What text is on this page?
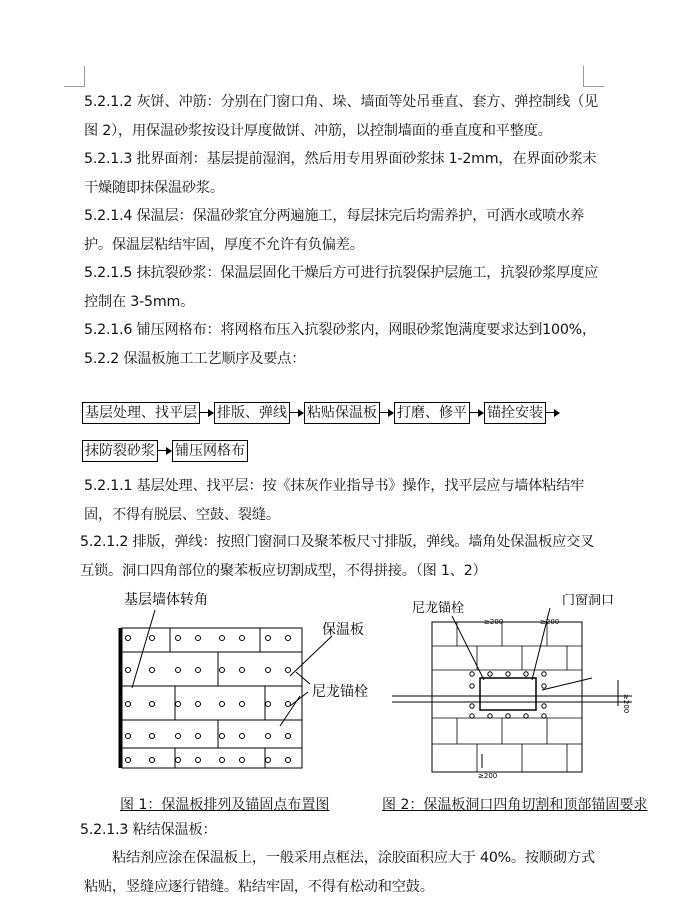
5.2.1.2 灰饼、冲筋：分别在门窗口角、垛、墙面等处吊垂直、套方、弹控制线（见图 2），用保温砂浆按设计厚度做饼、冲筋，以控制墙面的垂直度和平整度。

5.2.1.3 批界面剂：基层提前湿润，然后用专用界面砂浆抹 1-2mm，在界面砂浆未干燥随即抹保温砂浆。

5.2.1.4 保温层：保温砂浆宜分两遍施工，每层抹完后均需养护，可洒水或喷水养护。保温层粘结牢固，厚度不允许有负偏差。

5.2.1.5 抹抗裂砂浆：保温层固化干燥后方可进行抗裂保护层施工，抗裂砂浆厚度应控制在 3-5mm。

5.2.1.6 铺压网格布：将网格布压入抗裂砂浆内，网眼砂浆饱满度要求达到100%，

5.2.2 保温板施工工艺顺序及要点：

基层处理、找平层 排版、弹线 粘贴保温板 打磨、修平 锚拴安装
抹防裂砂浆 铺压网格布

5.2.1.1 基层处理、找平层：按《抹灰作业指导书》操作，找平层应与墙体粘结牢固，不得有脱层、空鼓、裂缝。

5.2.1.2 排版，弹线：按照门窗洞口及聚苯板尺寸排版，弹线。墙角处保温板应交叉互锁。洞口四角部位的聚苯板应切割成型，不得拼接。（图 1、2）

基层墙体转角
保温板
尼龙锚栓
尼龙锚栓
门窗洞口
≥200	≥200
≥200
≥200
图 1：保温板排列及锚固点布置图	图 2：保温板洞口四角切割和顶部锚固要求

5.2.1.3 粘结保温板：

粘结剂应涂在保温板上，一般采用点框法，涂胶面积应大于 40%。按顺砌方式粘贴，竖缝应逐行错缝。粘结牢固，不得有松动和空鼓。
